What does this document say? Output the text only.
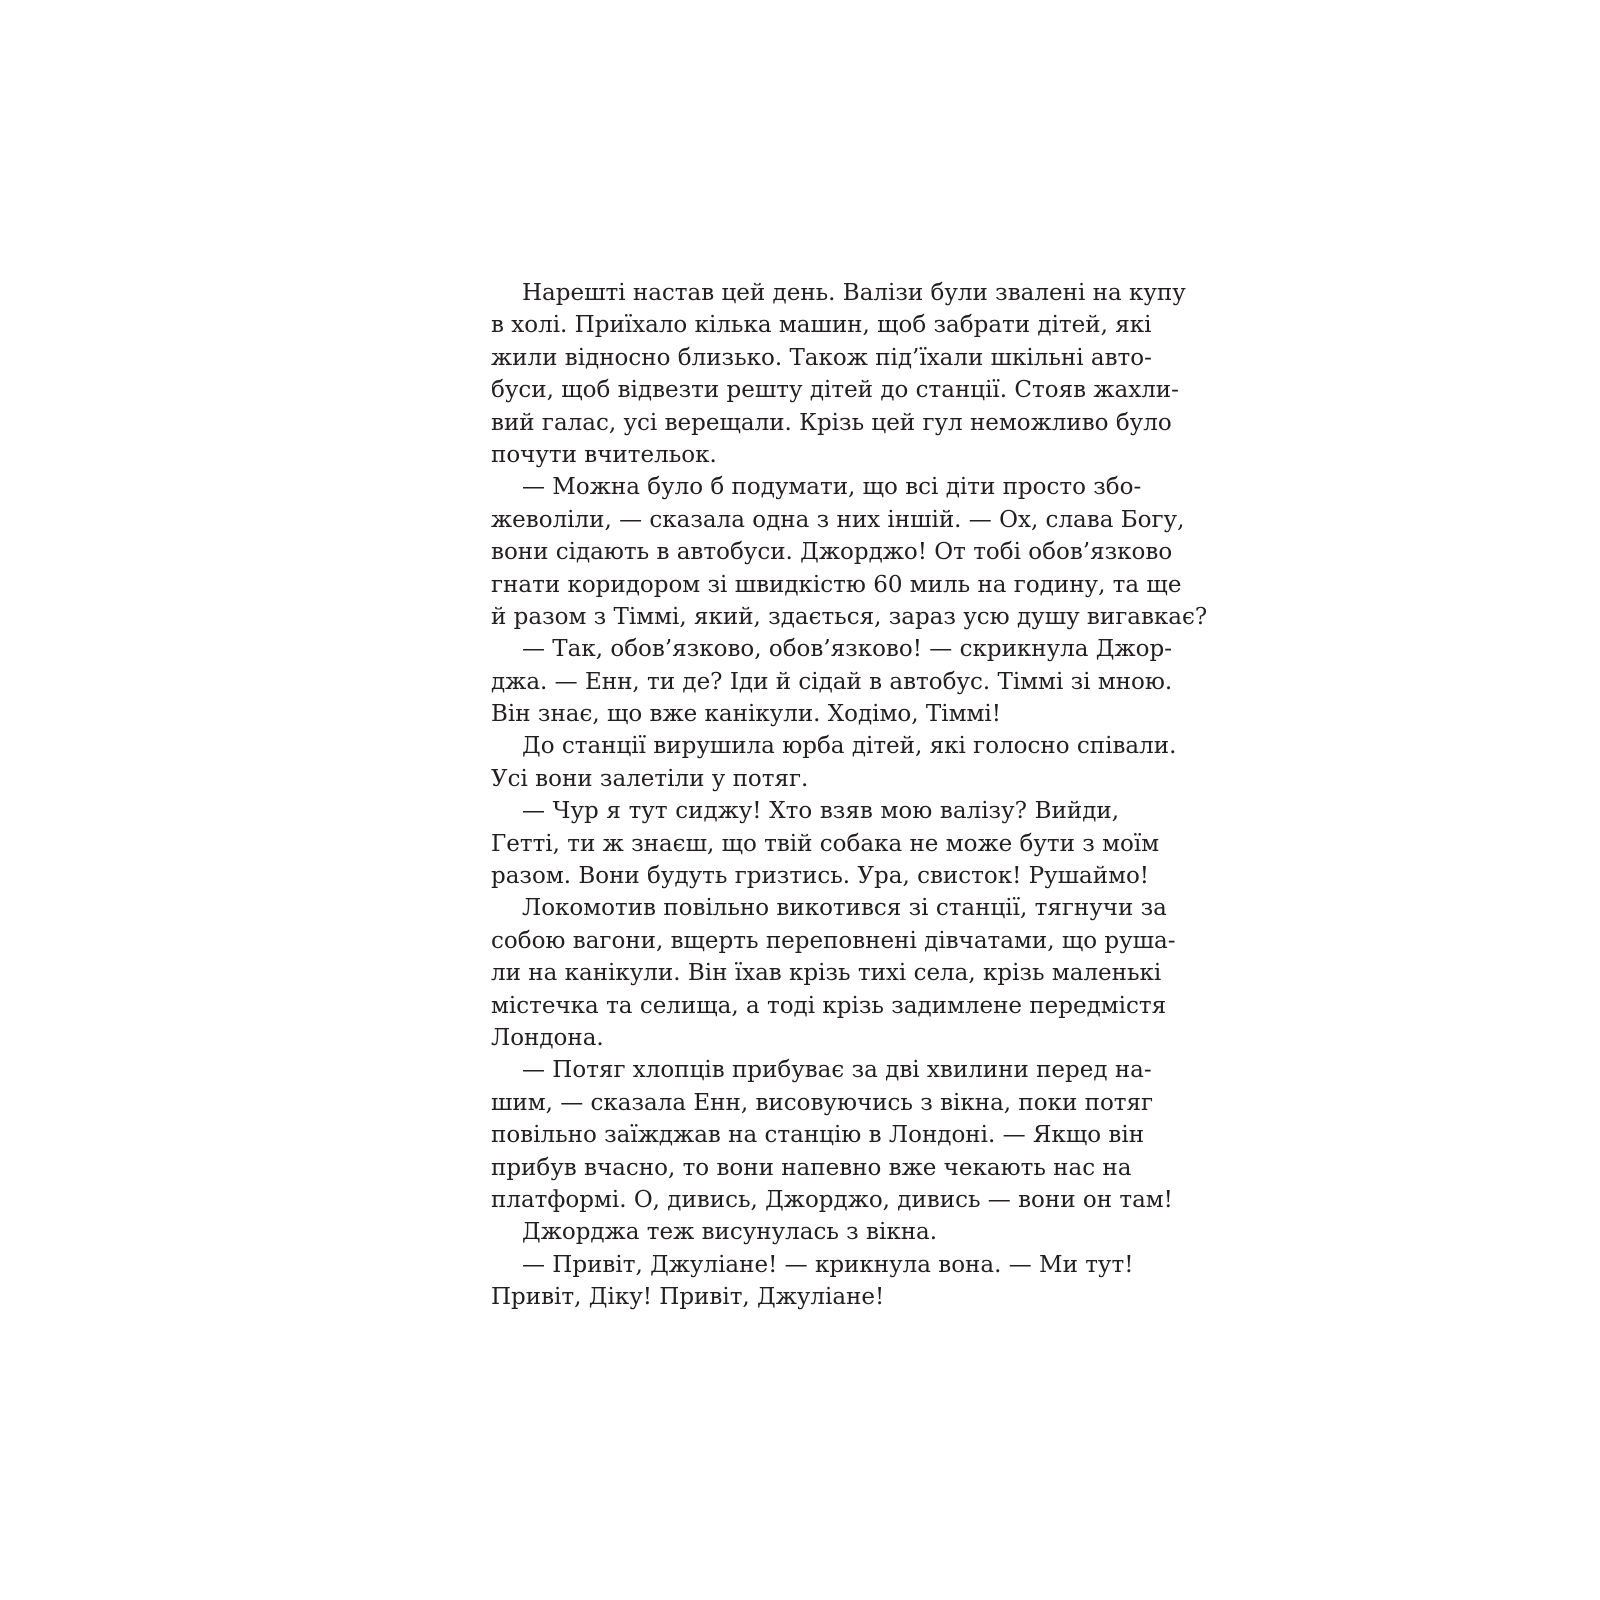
Нарешті настав цей день. Валізи були звалені на купу
в холі. Приїхало кілька машин, щоб забрати дітей, які
жили відносно близько. Також під’їхали шкільні авто-
буси, щоб відвезти решту дітей до станції. Стояв жахли-
вий галас, усі верещали. Крізь цей гул неможливо було
почути вчительок.
— Можна було б подумати, що всі діти просто збо-
жеволіли, — сказала одна з них іншій. — Ох, слава Богу,
вони сідають в автобуси. Джорджо! От тобі обов’язково
гнати коридором зі швидкістю 60 миль на годину, та ще
й разом з Тіммі, який, здається, зараз усю душу вигавкає?
— Так, обов’язково, обов’язково! — скрикнула Джор-
джа. — Енн, ти де? Іди й сідай в автобус. Тіммі зі мною.
Він знає, що вже канікули. Ходімо, Тіммі!
До станції вирушила юрба дітей, які голосно співали.
Усі вони залетіли у потяг.
— Чур я тут сиджу! Хто взяв мою валізу? Вийди,
Гетті, ти ж знаєш, що твій собака не може бути з моїм
разом. Вони будуть гризтись. Ура, свисток! Рушаймо!
Локомотив повільно викотився зі станції, тягнучи за
собою вагони, вщерть переповнені дівчатами, що руша-
ли на канікули. Він їхав крізь тихі села, крізь маленькі
містечка та селища, а тоді крізь задимлене передмістя
Лондона.
— Потяг хлопців прибуває за дві хвилини перед на-
шим, — сказала Енн, висовуючись з вікна, поки потяг
повільно заїжджав на станцію в Лондоні. — Якщо він
прибув вчасно, то вони напевно вже чекають нас на
платформі. О, дивись, Джорджо, дивись — вони он там!
Джорджа теж висунулась з вікна.
— Привіт, Джуліане! — крикнула вона. — Ми тут!
Привіт, Діку! Привіт, Джуліане!
